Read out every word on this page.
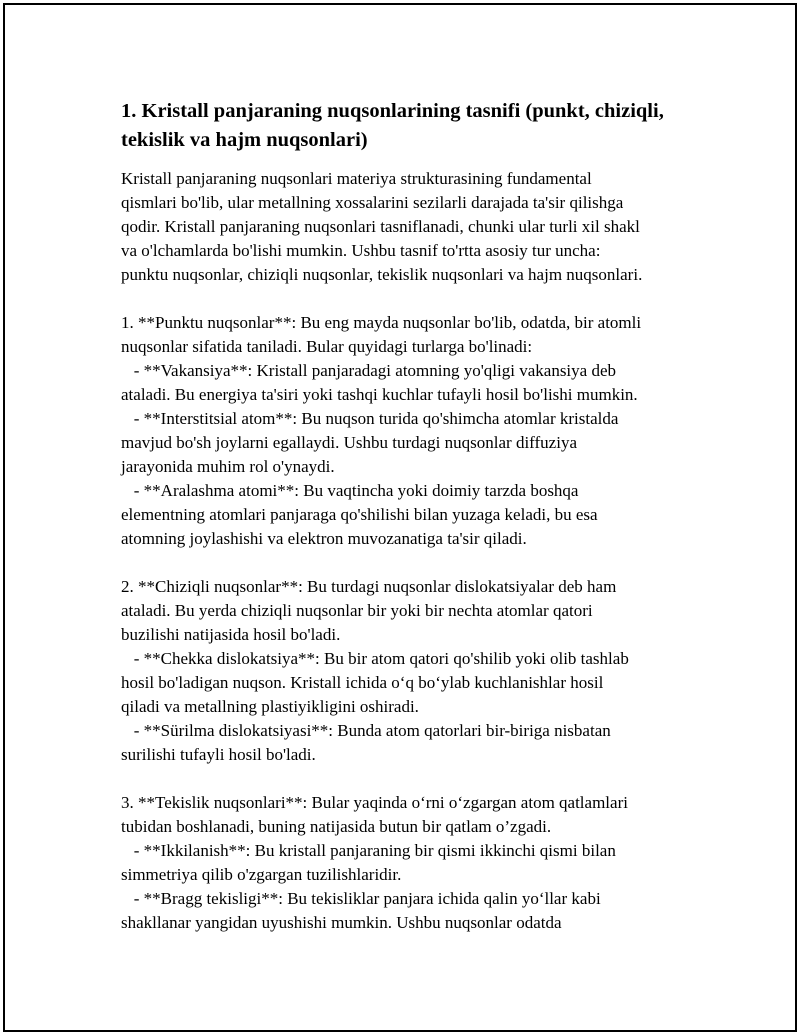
1. Kristall panjaraning nuqsonlarining tasnifi (punkt, chiziqli,
tekislik va hajm nuqsonlari)
Kristall panjaraning nuqsonlari materiya strukturasining fundamental
qismlari bo'lib, ular metallning xossalarini sezilarli darajada ta'sir qilishga
qodir. Kristall panjaraning nuqsonlari tasniflanadi, chunki ular turli xil shakl
va o'lchamlarda bo'lishi mumkin. Ushbu tasnif to'rtta asosiy tur uncha:
punktu nuqsonlar, chiziqli nuqsonlar, tekislik nuqsonlari va hajm nuqsonlari.
1. **Punktu nuqsonlar**: Bu eng mayda nuqsonlar bo'lib, odatda, bir atomli
nuqsonlar sifatida taniladi. Bular quyidagi turlarga bo'linadi:
- **Vakansiya**: Kristall panjaradagi atomning yo'qligi vakansiya deb
ataladi. Bu energiya ta'siri yoki tashqi kuchlar tufayli hosil bo'lishi mumkin.
- **Interstitsial atom**: Bu nuqson turida qo'shimcha atomlar kristalda
mavjud bo'sh joylarni egallaydi. Ushbu turdagi nuqsonlar diffuziya
jarayonida muhim rol o'ynaydi.
- **Aralashma atomi**: Bu vaqtincha yoki doimiy tarzda boshqa
elementning atomlari panjaraga qo'shilishi bilan yuzaga keladi, bu esa
atomning joylashishi va elektron muvozanatiga ta'sir qiladi.
2. **Chiziqli nuqsonlar**: Bu turdagi nuqsonlar dislokatsiyalar deb ham
ataladi. Bu yerda chiziqli nuqsonlar bir yoki bir nechta atomlar qatori
buzilishi natijasida hosil bo'ladi.
- **Chekka dislokatsiya**: Bu bir atom qatori qo'shilib yoki olib tashlab
hosil bo'ladigan nuqson. Kristall ichida o‘q bo‘ylab kuchlanishlar hosil
qiladi va metallning plastiyikligini oshiradi.
- **Sürilma dislokatsiyasi**: Bunda atom qatorlari bir-biriga nisbatan
surilishi tufayli hosil bo'ladi.
3. **Tekislik nuqsonlari**: Bular yaqinda o‘rni o‘zgargan atom qatlamlari
tubidan boshlanadi, buning natijasida butun bir qatlam o’zgadi.
- **Ikkilanish**: Bu kristall panjaraning bir qismi ikkinchi qismi bilan
simmetriya qilib o'zgargan tuzilishlaridir.
- **Bragg tekisligi**: Bu tekisliklar panjara ichida qalin yo‘llar kabi
shakllanar yangidan uyushishi mumkin. Ushbu nuqsonlar odatda
